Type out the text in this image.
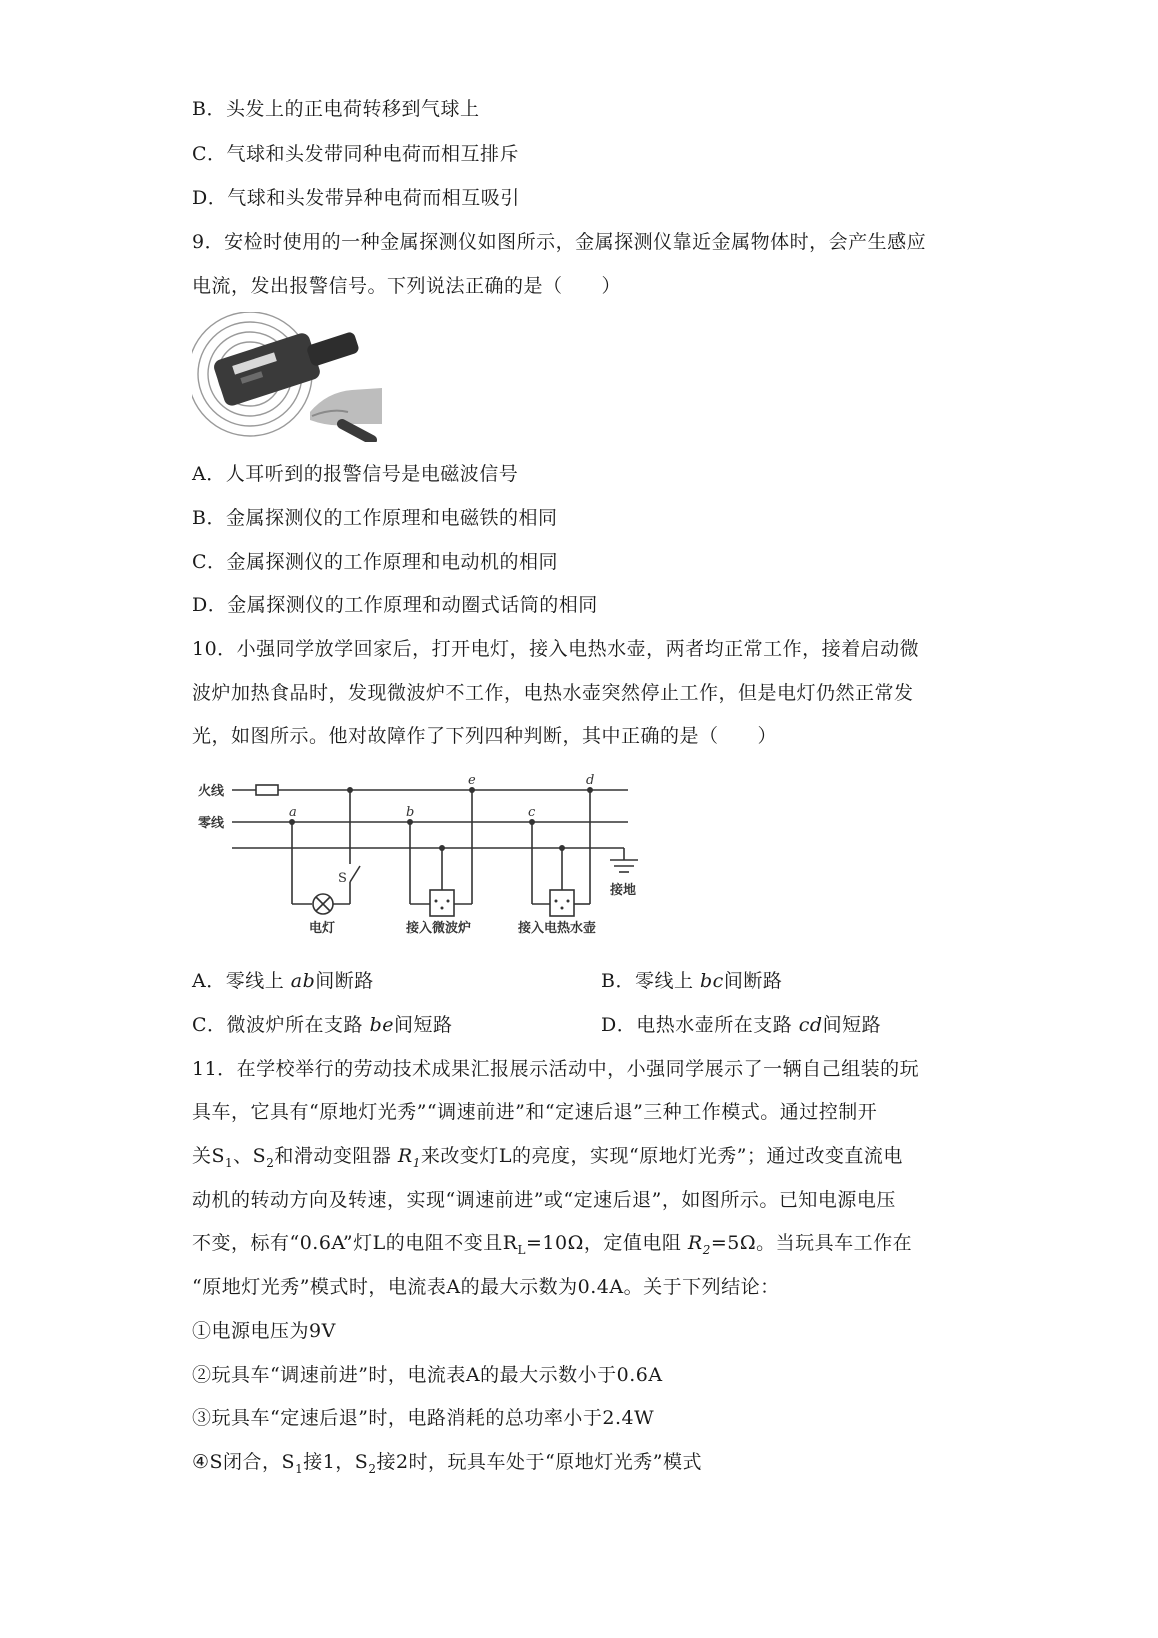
B．头发上的正电荷转移到气球上
C．气球和头发带同种电荷而相互排斥
D．气球和头发带异种电荷而相互吸引
9．安检时使用的一种金属探测仪如图所示，金属探测仪靠近金属物体时，会产生感应
电流，发出报警信号。下列说法正确的是（　　）
A．人耳听到的报警信号是电磁波信号
B．金属探测仪的工作原理和电磁铁的相同
C．金属探测仪的工作原理和电动机的相同
D．金属探测仪的工作原理和动圈式话筒的相同
10．小强同学放学回家后，打开电灯，接入电热水壶，两者均正常工作，接着启动微
波炉加热食品时，发现微波炉不工作，电热水壶突然停止工作，但是电灯仍然正常发
光，如图所示。他对故障作了下列四种判断，其中正确的是（　　）
火线
零线
接地
电灯	接入微波炉	接入电热水壶
S
a	b	c
d
e
A．零线上 ab间断路	B．零线上 bc间断路
C．微波炉所在支路 be间短路	D．电热水壶所在支路 cd间短路
11．在学校举行的劳动技术成果汇报展示活动中，小强同学展示了一辆自己组装的玩
具车，它具有“原地灯光秀”“调速前进”和“定速后退”三种工作模式。通过控制开
关$S_1$、$S_2$和滑动变阻器 $R_1$来改变灯L的亮度，实现“原地灯光秀”；通过改变直流电
动机的转动方向及转速，实现“调速前进”或“定速后退”，如图所示。已知电源电压
不变，标有“0.6A”灯L的电阻不变且$R_L=10\Omega$，定值电阻 $R_2=5\Omega$。当玩具车工作在
“原地灯光秀”模式时，电流表A的最大示数为0.4A。关于下列结论：
①电源电压为9V
②玩具车“调速前进”时，电流表A的最大示数小于0.6A
③玩具车“定速后退”时，电路消耗的总功率小于2.4W
④S闭合，$S_1$接1，$S_2$接2时，玩具车处于“原地灯光秀”模式
